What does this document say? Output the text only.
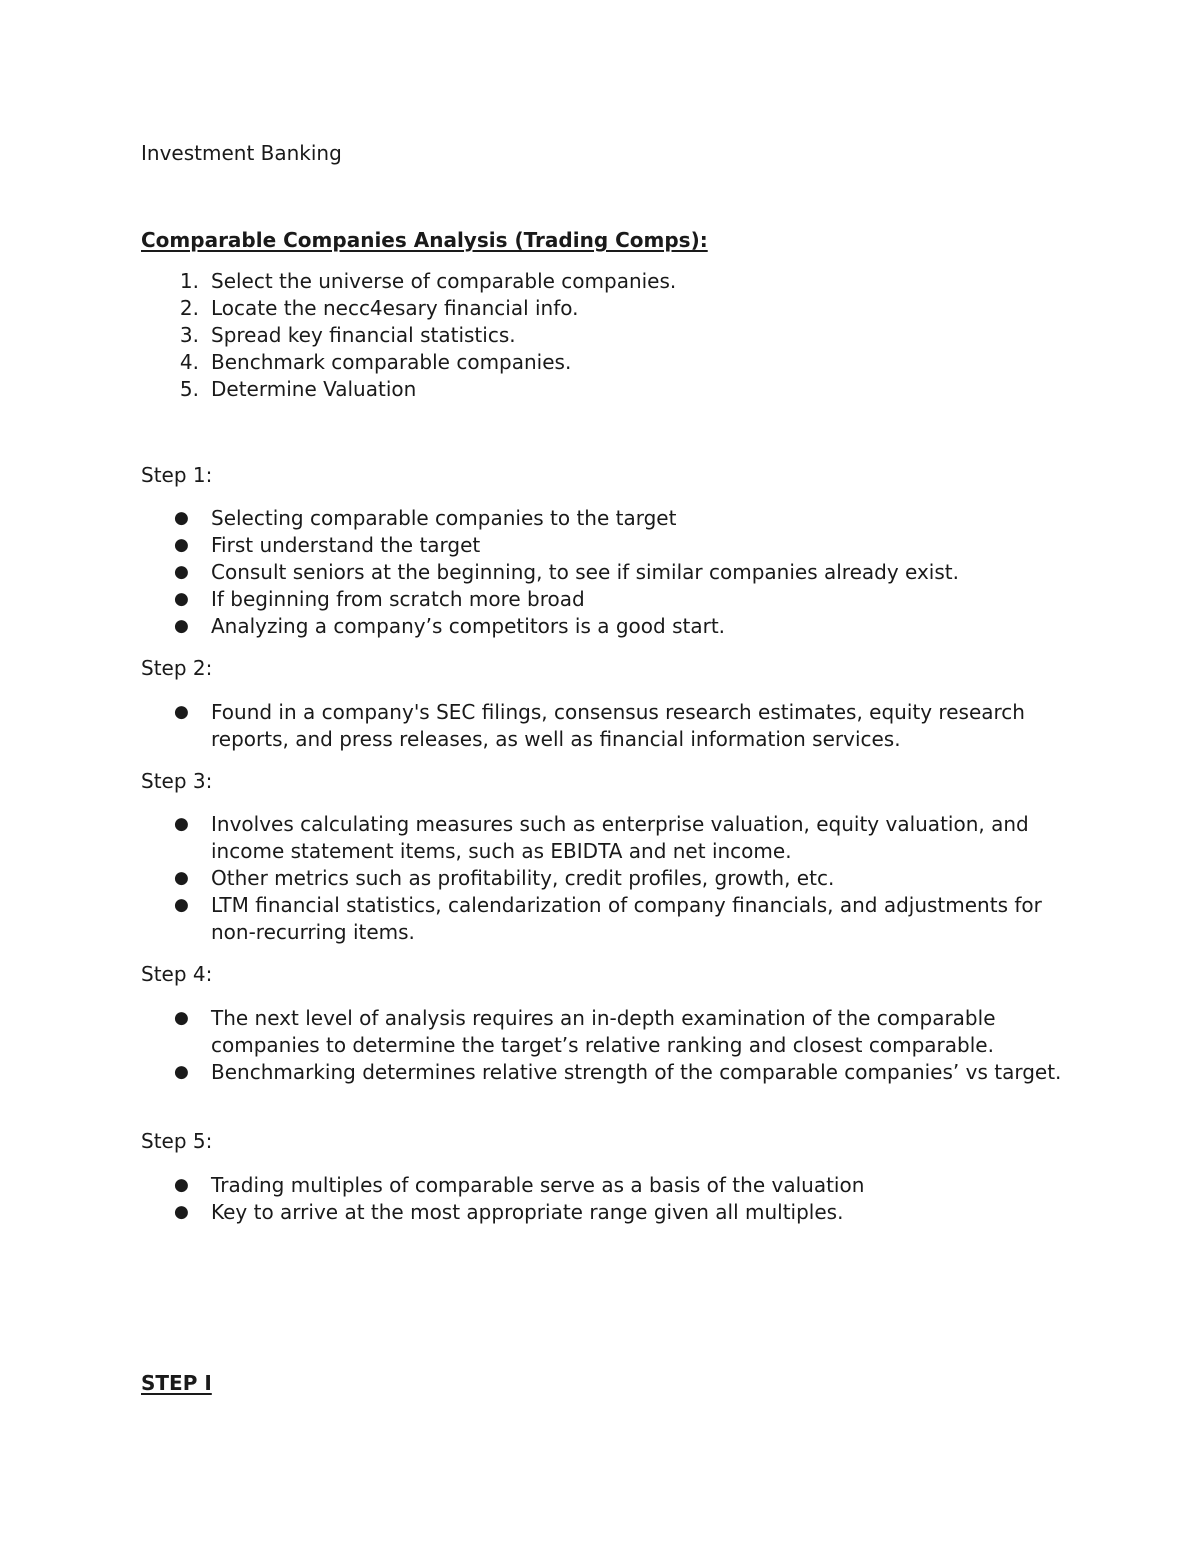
Investment Banking

Comparable Companies Analysis (Trading Comps):

1. Select the universe of comparable companies.
2. Locate the necc4esary financial info.
3. Spread key financial statistics.
4. Benchmark comparable companies.
5. Determine Valuation

Step 1:

● Selecting comparable companies to the target
● First understand the target
● Consult seniors at the beginning, to see if similar companies already exist.
● If beginning from scratch more broad
● Analyzing a company’s competitors is a good start.

Step 2:

● Found in a company's SEC filings, consensus research estimates, equity research reports, and press releases, as well as financial information services.

Step 3:

● Involves calculating measures such as enterprise valuation, equity valuation, and income statement items, such as EBIDTA and net income.
● Other metrics such as profitability, credit profiles, growth, etc.
● LTM financial statistics, calendarization of company financials, and adjustments for non-recurring items.

Step 4:

● The next level of analysis requires an in-depth examination of the comparable companies to determine the target’s relative ranking and closest comparable.
● Benchmarking determines relative strength of the comparable companies’ vs target.

Step 5:

● Trading multiples of comparable serve as a basis of the valuation
● Key to arrive at the most appropriate range given all multiples.

STEP I
